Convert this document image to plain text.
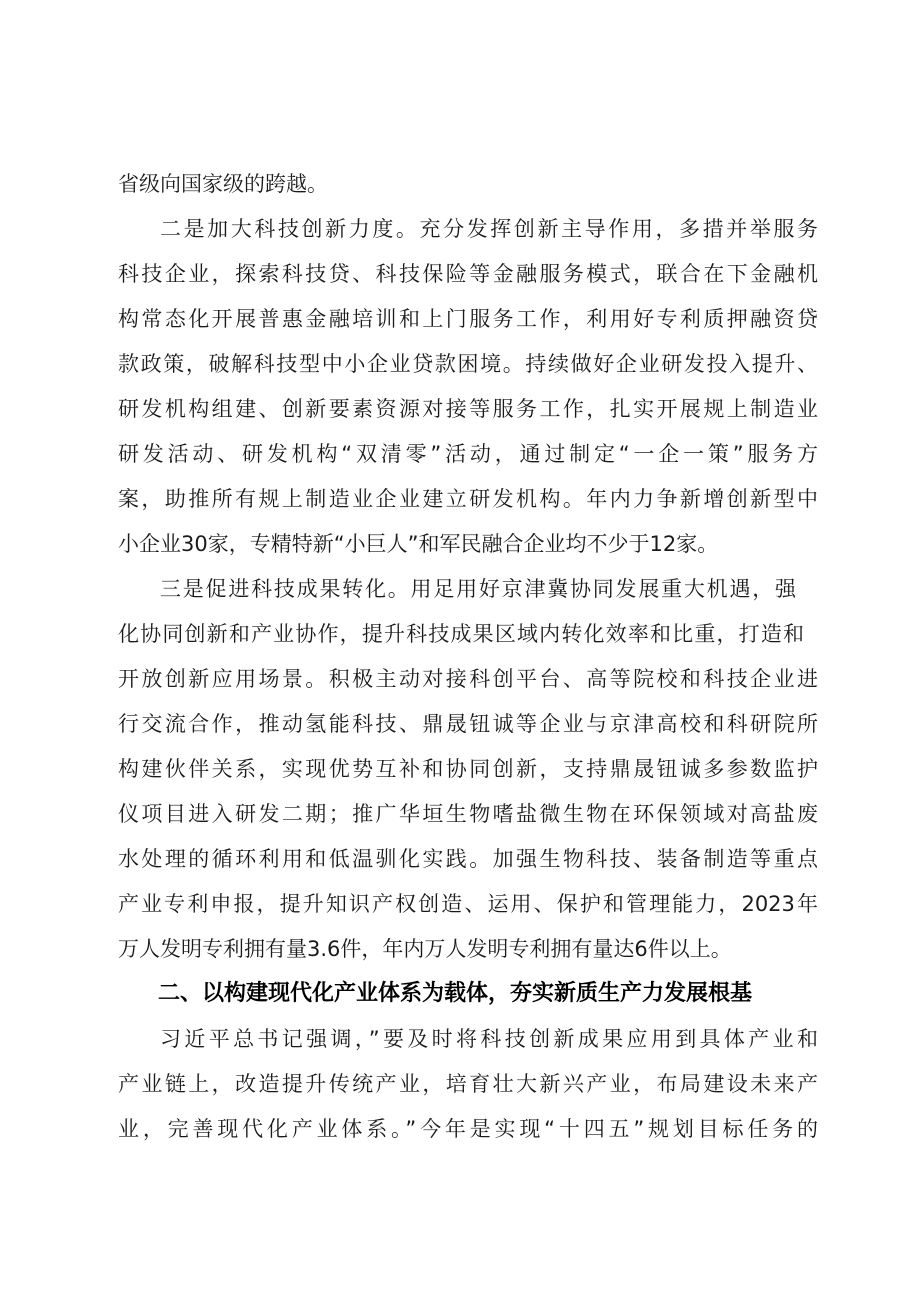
省级向国家级的跨越。
二是加大科技创新力度。充分发挥创新主导作用，多措并举服务
科技企业，探索科技贷、科技保险等金融服务模式，联合在下金融机
构常态化开展普惠金融培训和上门服务工作，利用好专利质押融资贷
款政策，破解科技型中小企业贷款困境。持续做好企业研发投入提升、
研发机构组建、创新要素资源对接等服务工作，扎实开展规上制造业
研发活动、研发机构“双清零”活动，通过制定“一企一策”服务方
案，助推所有规上制造业企业建立研发机构。年内力争新增创新型中
小企业30家，专精特新“小巨人”和军民融合企业均不少于12家。
三是促进科技成果转化。用足用好京津冀协同发展重大机遇，强
化协同创新和产业协作，提升科技成果区域内转化效率和比重，打造和
开放创新应用场景。积极主动对接科创平台、高等院校和科技企业进
行交流合作，推动氢能科技、鼎晟钮诚等企业与京津高校和科研院所
构建伙伴关系，实现优势互补和协同创新，支持鼎晟钮诚多参数监护
仪项目进入研发二期；推广华垣生物嗜盐微生物在环保领域对高盐废
水处理的循环利用和低温驯化实践。加强生物科技、装备制造等重点
产业专利申报，提升知识产权创造、运用、保护和管理能力，2023年
万人发明专利拥有量3.6件，年内万人发明专利拥有量达6件以上。
二、以构建现代化产业体系为载体，夯实新质生产力发展根基
习近平总书记强调，”要及时将科技创新成果应用到具体产业和
产业链上，改造提升传统产业，培育壮大新兴产业，布局建设未来产
业，完善现代化产业体系。”今年是实现“十四五”规划目标任务的
